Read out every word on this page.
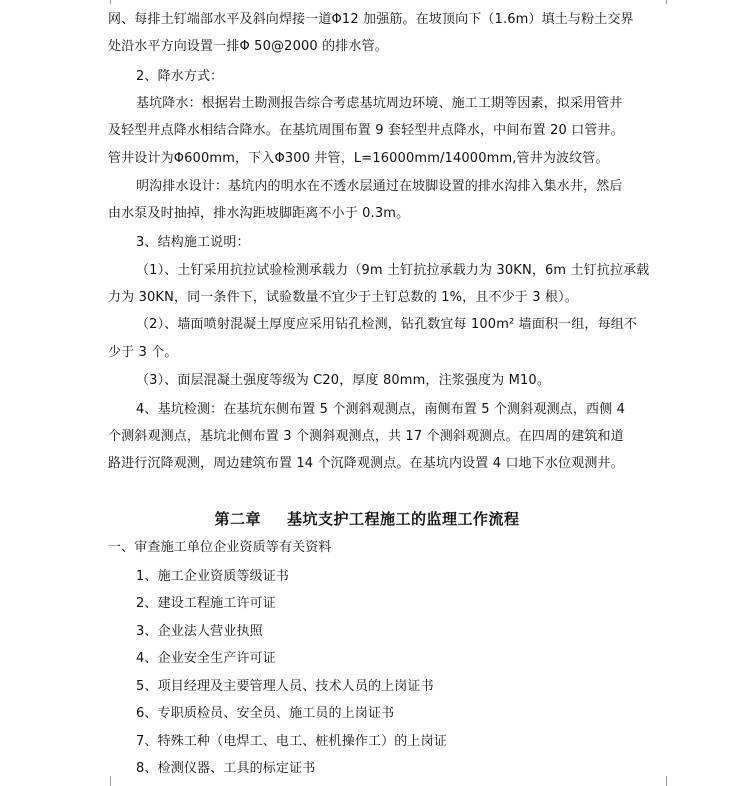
网、每排土钉端部水平及斜向焊接一道Φ12 加强筋。在坡顶向下（1.6m）填土与粉土交界
处沿水平方向设置一排Φ 50@2000 的排水管。
2、降水方式：
基坑降水：根据岩土勘测报告综合考虑基坑周边环境、施工工期等因素，拟采用管井
及轻型井点降水相结合降水。在基坑周围布置 9 套轻型井点降水，中间布置 20 口管井。
管井设计为Φ600mm，下入Φ300 井管，L=16000mm/14000mm,管井为波纹管。
明沟排水设计：基坑内的明水在不透水层通过在坡脚设置的排水沟排入集水井，然后
由水泵及时抽掉，排水沟距坡脚距离不小于 0.3m。
3、结构施工说明：
（1）、土钉采用抗拉试验检测承载力（9m 土钉抗拉承载力为 30KN，6m 土钉抗拉承载
力为 30KN，同一条件下，试验数量不宜少于土钉总数的 1%，且不少于 3 根）。
（2）、墙面喷射混凝土厚度应采用钻孔检测，钻孔数宜每 100m² 墙面积一组，每组不
少于 3 个。
（3）、面层混凝土强度等级为 C20，厚度 80mm，注浆强度为 M10。
4、基坑检测：在基坑东侧布置 5 个测斜观测点，南侧布置 5 个测斜观测点，西侧 4
个测斜观测点，基坑北侧布置 3 个测斜观测点，共 17 个测斜观测点。在四周的建筑和道
路进行沉降观测，周边建筑布置 14 个沉降观测点。在基坑内设置 4 口地下水位观测井。
第二章 基坑支护工程施工的监理工作流程
一、审查施工单位企业资质等有关资料
1、施工企业资质等级证书
2、建设工程施工许可证
3、企业法人营业执照
4、企业安全生产许可证
5、项目经理及主要管理人员、技术人员的上岗证书
6、专职质检员、安全员、施工员的上岗证书
7、特殊工种（电焊工、电工、桩机操作工）的上岗证
8、检测仪器、工具的标定证书
